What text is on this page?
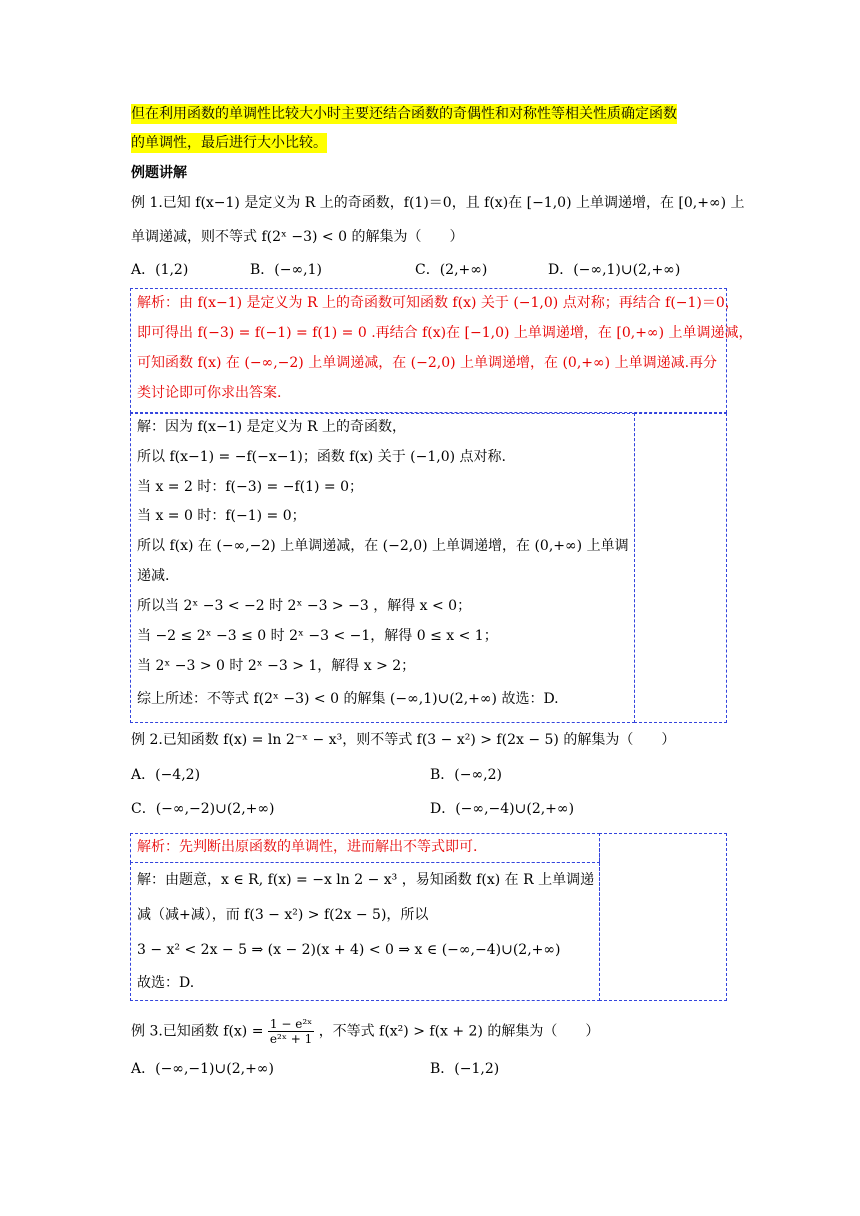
但在利用函数的单调性比较大小时主要还结合函数的奇偶性和对称性等相关性质确定函数
的单调性，最后进行大小比较。
例题讲解
例 1.已知 f(x−1) 是定义为 R 上的奇函数，f(1)＝0，且 f(x)在 [−1,0) 上单调递增，在 [0,+∞) 上
单调递减，则不等式 f(2ˣ −3) < 0 的解集为（　　）
A．(1,2)	B．(−∞,1)	C．(2,+∞)	D．(−∞,1)∪(2,+∞)
解析：由 f(x−1) 是定义为 R 上的奇函数可知函数 f(x) 关于 (−1,0) 点对称；再结合 f(−1)＝0，
即可得出 f(−3) = f(−1) = f(1) = 0 .再结合 f(x)在 [−1,0) 上单调递增，在 [0,+∞) 上单调递减，
可知函数 f(x) 在 (−∞,−2) 上单调递减，在 (−2,0) 上单调递增，在 (0,+∞) 上单调递减.再分
类讨论即可你求出答案.
解：因为 f(x−1) 是定义为 R 上的奇函数，
所以 f(x−1) = −f(−x−1)；函数 f(x) 关于 (−1,0) 点对称.
当 x = 2 时：f(−3) = −f(1) = 0；
当 x = 0 时：f(−1) = 0；
所以 f(x) 在 (−∞,−2) 上单调递减，在 (−2,0) 上单调递增，在 (0,+∞) 上单调
递减.
所以当 2ˣ −3 < −2 时 2ˣ −3 > −3 ，解得 x < 0；
当 −2 ≤ 2ˣ −3 ≤ 0 时 2ˣ −3 < −1，解得 0 ≤ x < 1；
当 2ˣ −3 > 0 时 2ˣ −3 > 1，解得 x > 2；
综上所述：不等式 f(2ˣ −3) < 0 的解集 (−∞,1)∪(2,+∞) 故选：D.
例 2.已知函数 f(x) = ln 2⁻ˣ − x³，则不等式 f(3 − x²) > f(2x − 5) 的解集为（　　）
A．(−4,2)	B．(−∞,2)
C．(−∞,−2)∪(2,+∞)	D．(−∞,−4)∪(2,+∞)
解析：先判断出原函数的单调性，进而解出不等式即可.
解：由题意，x ∈ R, f(x) = −x ln 2 − x³ ，易知函数 f(x) 在 R 上单调递
减（减+减），而 f(3 − x²) > f(2x − 5)，所以
3 − x² < 2x − 5 ⇒ (x − 2)(x + 4) < 0 ⇒ x ∈ (−∞,−4)∪(2,+∞)
故选：D.
例 3.已知函数 $f(x) = \frac{\text{1 − e²ˣ}}{\text{e²ˣ + 1}}$ ，不等式 f(x²) > f(x + 2) 的解集为（　　）
A．(−∞,−1)∪(2,+∞)	B．(−1,2)
